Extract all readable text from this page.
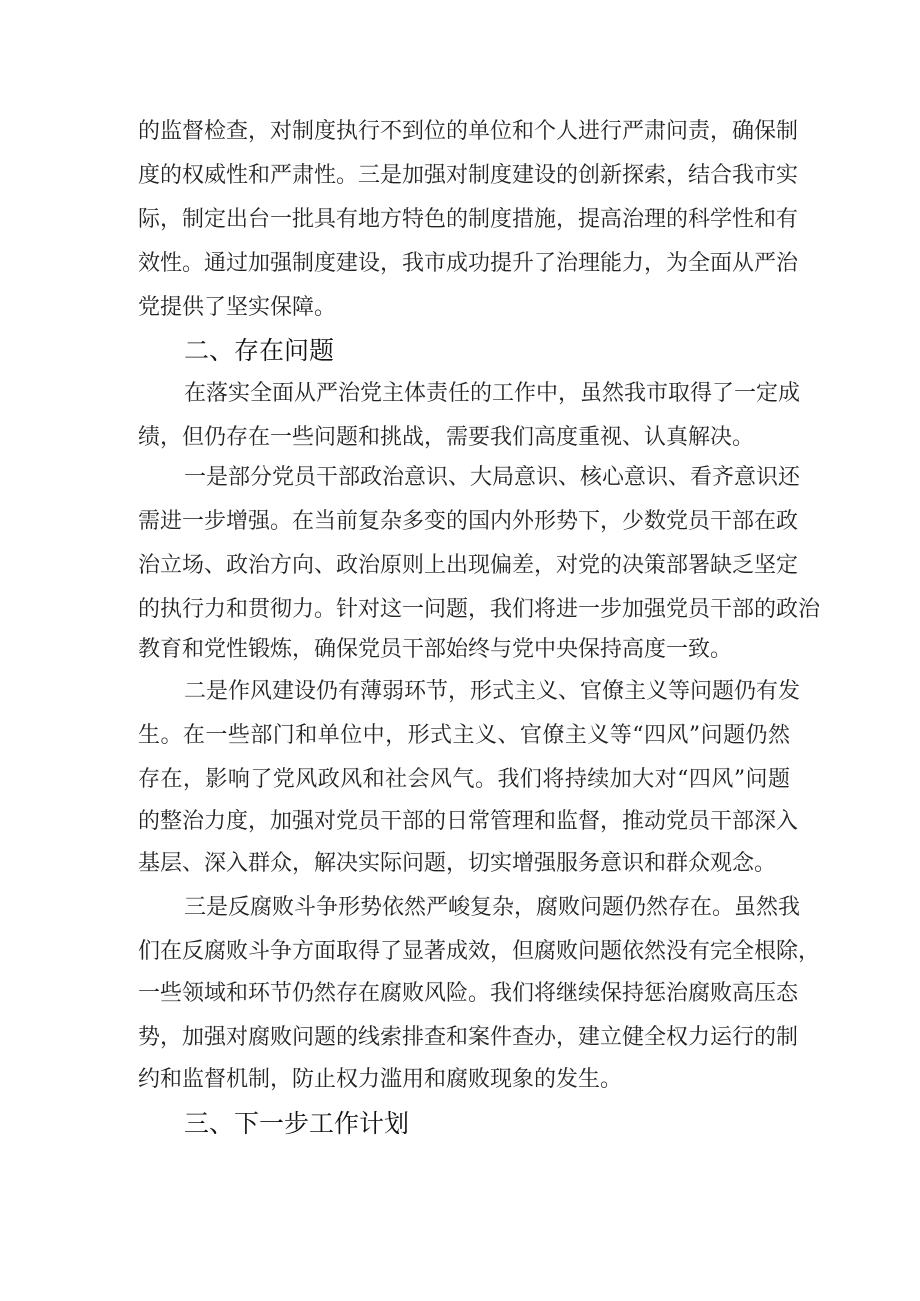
的监督检查，对制度执行不到位的单位和个人进行严肃问责，确保制
度的权威性和严肃性。三是加强对制度建设的创新探索，结合我市实
际，制定出台一批具有地方特色的制度措施，提高治理的科学性和有
效性。通过加强制度建设，我市成功提升了治理能力，为全面从严治
党提供了坚实保障。
二、存在问题
在落实全面从严治党主体责任的工作中，虽然我市取得了一定成
绩，但仍存在一些问题和挑战，需要我们高度重视、认真解决。
一是部分党员干部政治意识、大局意识、核心意识、看齐意识还
需进一步增强。在当前复杂多变的国内外形势下，少数党员干部在政
治立场、政治方向、政治原则上出现偏差，对党的决策部署缺乏坚定
的执行力和贯彻力。针对这一问题，我们将进一步加强党员干部的政治
教育和党性锻炼，确保党员干部始终与党中央保持高度一致。
二是作风建设仍有薄弱环节，形式主义、官僚主义等问题仍有发
生。在一些部门和单位中，形式主义、官僚主义等“四风”问题仍然
存在，影响了党风政风和社会风气。我们将持续加大对“四风”问题
的整治力度，加强对党员干部的日常管理和监督，推动党员干部深入
基层、深入群众，解决实际问题，切实增强服务意识和群众观念。
三是反腐败斗争形势依然严峻复杂，腐败问题仍然存在。虽然我
们在反腐败斗争方面取得了显著成效，但腐败问题依然没有完全根除，
一些领域和环节仍然存在腐败风险。我们将继续保持惩治腐败高压态
势，加强对腐败问题的线索排查和案件查办，建立健全权力运行的制
约和监督机制，防止权力滥用和腐败现象的发生。
三、下一步工作计划
